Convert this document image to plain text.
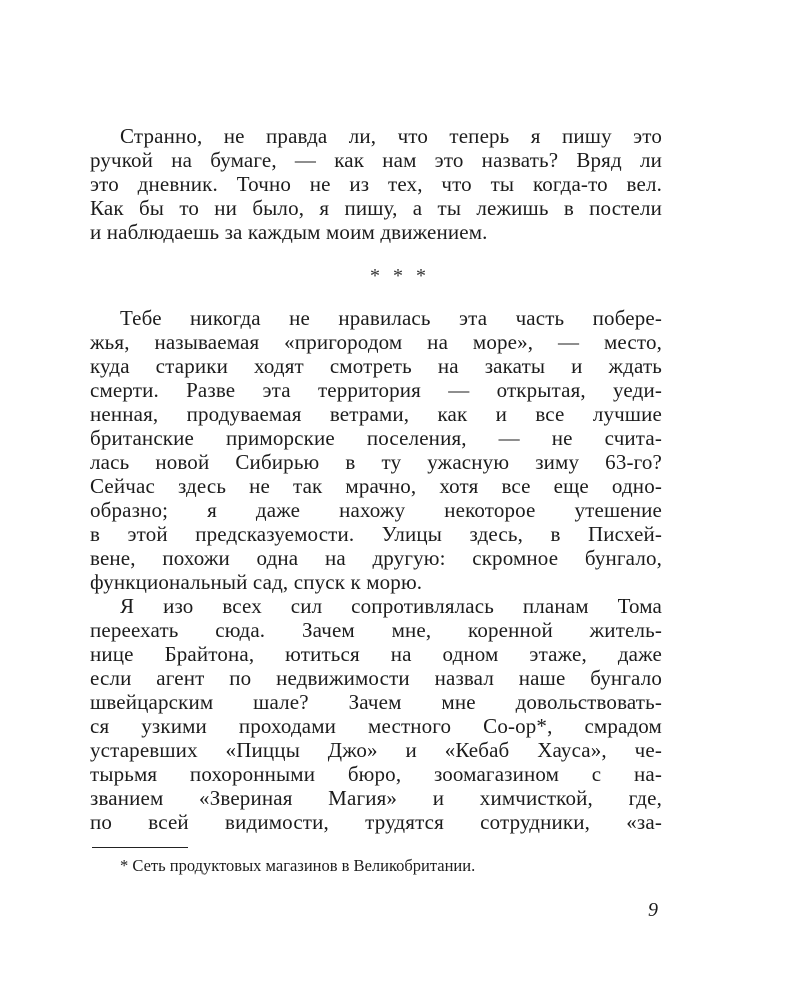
Странно, не правда ли, что теперь я пишу это

ручкой на бумаге, — как нам это назвать? Вряд ли

это дневник. Точно не из тех, что ты когда-то вел.

Как бы то ни было, я пишу, а ты лежишь в постели

и наблюдаешь за каждым моим движением.

* * *

Тебе никогда не нравилась эта часть побере-

жья, называемая «пригородом на море», — место,

куда старики ходят смотреть на закаты и ждать

смерти. Разве эта территория — открытая, уеди-

ненная, продуваемая ветрами, как и все лучшие

британские приморские поселения, — не счита-

лась новой Сибирью в ту ужасную зиму 63-го?

Сейчас здесь не так мрачно, хотя все еще одно-

образно; я даже нахожу некоторое утешение

в этой предсказуемости. Улицы здесь, в Писхей-

вене, похожи одна на другую: скромное бунгало,

функциональный сад, спуск к морю.

Я изо всех сил сопротивлялась планам Тома

переехать сюда. Зачем мне, коренной житель-

нице Брайтона, ютиться на одном этаже, даже

если агент по недвижимости назвал наше бунгало

швейцарским шале? Зачем мне довольствовать-

ся узкими проходами местного Со-ор*, смрадом

устаревших «Пиццы Джо» и «Кебаб Хауса», че-

тырьмя похоронными бюро, зоомагазином с на-

званием «Звериная Магия» и химчисткой, где,

по всей видимости, трудятся сотрудники, «за-

* Сеть продуктовых магазинов в Великобритании.
9
